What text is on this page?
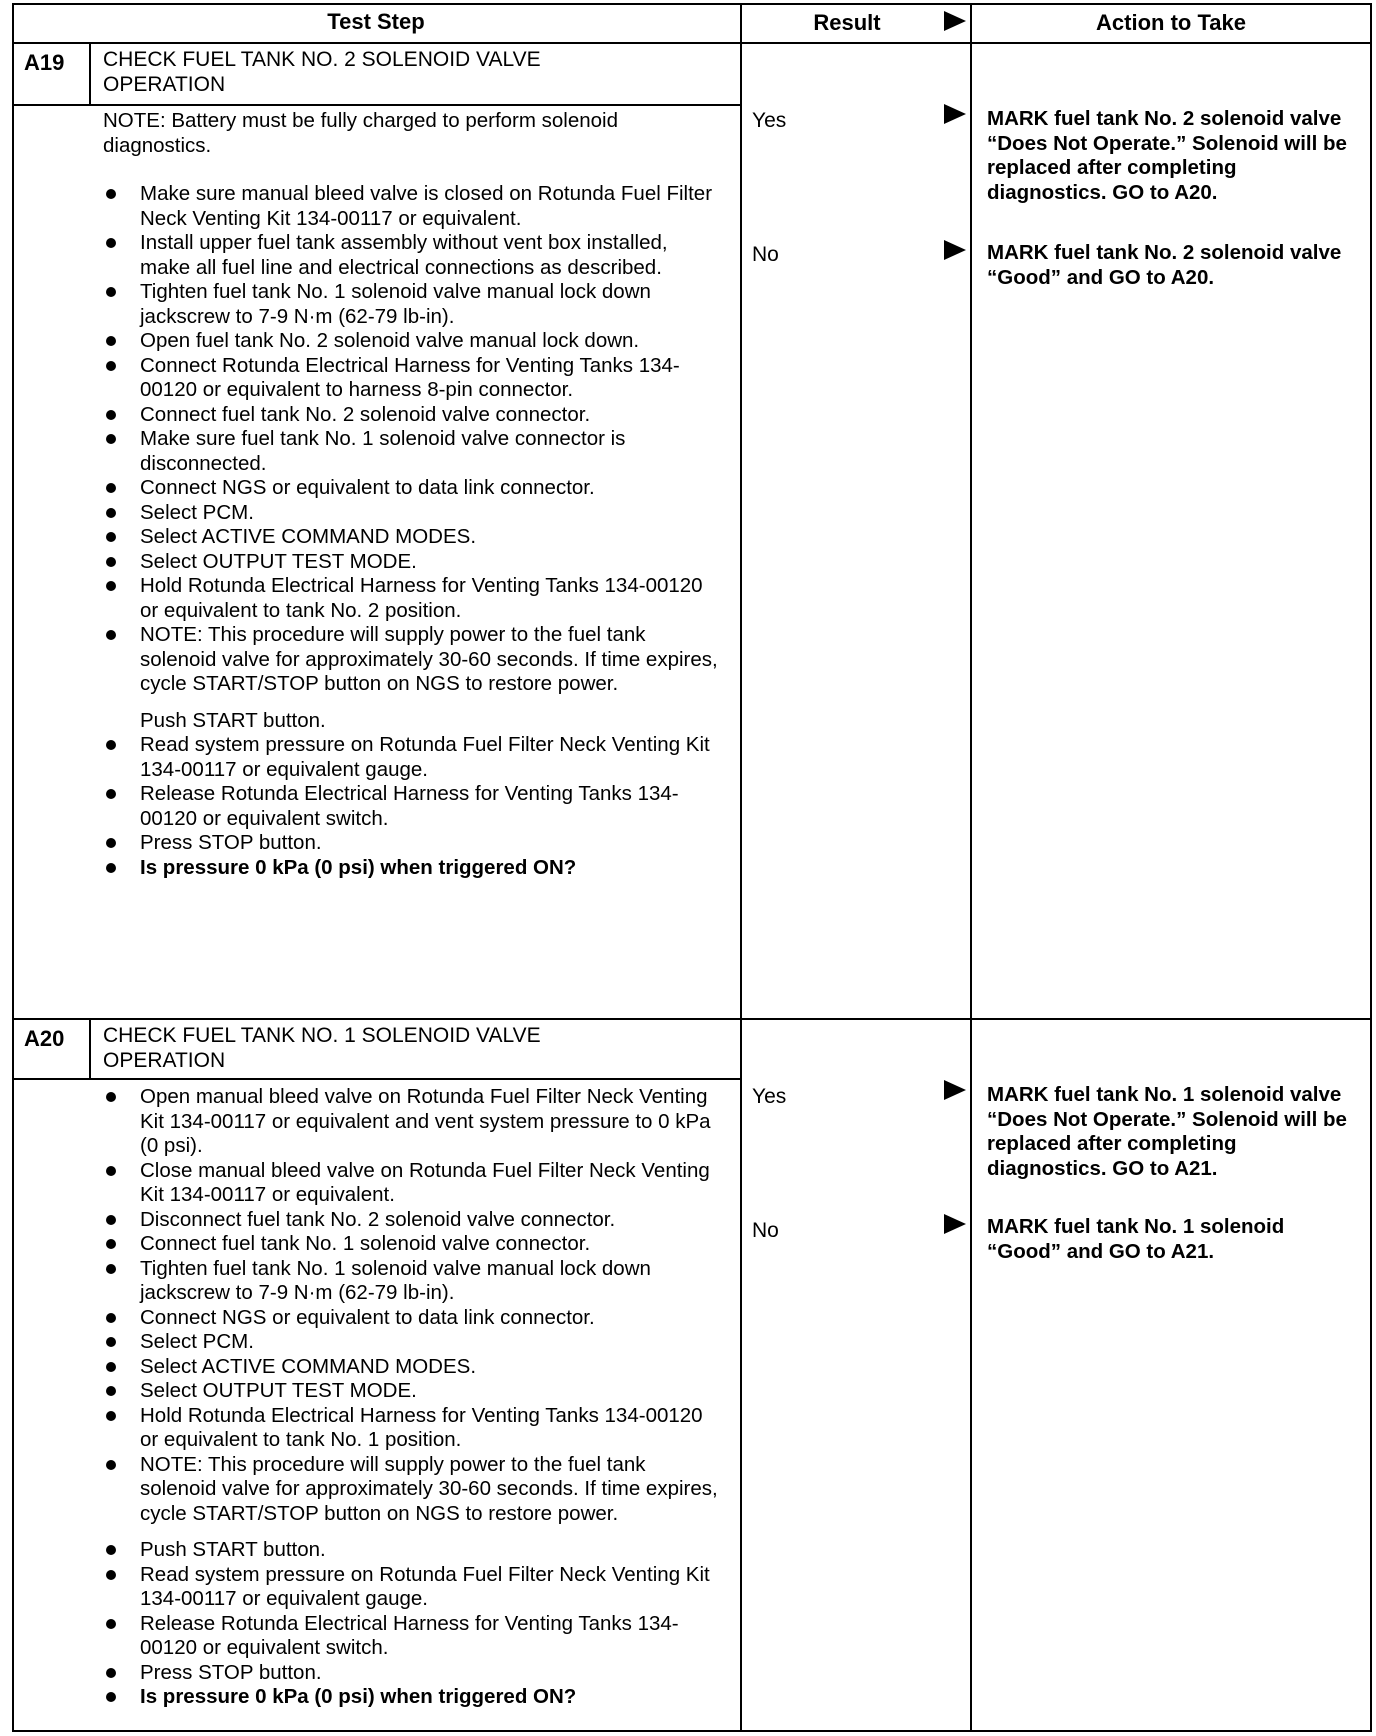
Test Step	Result	Action to Take
A19 CHECK FUEL TANK NO. 2 SOLENOID VALVE
OPERATION
NOTE: Battery must be fully charged to perform solenoid diagnostics.
Make sure manual bleed valve is closed on Rotunda Fuel Filter Neck Venting Kit 134-00117 or equivalent.
Install upper fuel tank assembly without vent box installed, make all fuel line and electrical connections as described.
Tighten fuel tank No. 1 solenoid valve manual lock down jackscrew to 7-9 N·m (62-79 lb-in).
Open fuel tank No. 2 solenoid valve manual lock down.
Connect Rotunda Electrical Harness for Venting Tanks 134-00120 or equivalent to harness 8-pin connector.
Connect fuel tank No. 2 solenoid valve connector.
Make sure fuel tank No. 1 solenoid valve connector is disconnected.
Connect NGS or equivalent to data link connector.
Select PCM.
Select ACTIVE COMMAND MODES.
Select OUTPUT TEST MODE.
Hold Rotunda Electrical Harness for Venting Tanks 134-00120 or equivalent to tank No. 2 position.
NOTE: This procedure will supply power to the fuel tank solenoid valve for approximately 30-60 seconds. If time expires, cycle START/STOP button on NGS to restore power.
Push START button.
Read system pressure on Rotunda Fuel Filter Neck Venting Kit 134-00117 or equivalent gauge.
Release Rotunda Electrical Harness for Venting Tanks 134-00120 or equivalent switch.
Press STOP button.
Is pressure 0 kPa (0 psi) when triggered ON?
Yes	MARK fuel tank No. 2 solenoid valve “Does Not Operate.” Solenoid will be replaced after completing diagnostics. GO to A20.
No	MARK fuel tank No. 2 solenoid valve “Good” and GO to A20.
A20 CHECK FUEL TANK NO. 1 SOLENOID VALVE
OPERATION
Open manual bleed valve on Rotunda Fuel Filter Neck Venting Kit 134-00117 or equivalent and vent system pressure to 0 kPa (0 psi).
Close manual bleed valve on Rotunda Fuel Filter Neck Venting Kit 134-00117 or equivalent.
Disconnect fuel tank No. 2 solenoid valve connector.
Connect fuel tank No. 1 solenoid valve connector.
Tighten fuel tank No. 1 solenoid valve manual lock down jackscrew to 7-9 N·m (62-79 lb-in).
Connect NGS or equivalent to data link connector.
Select PCM.
Select ACTIVE COMMAND MODES.
Select OUTPUT TEST MODE.
Hold Rotunda Electrical Harness for Venting Tanks 134-00120 or equivalent to tank No. 1 position.
NOTE: This procedure will supply power to the fuel tank solenoid valve for approximately 30-60 seconds. If time expires, cycle START/STOP button on NGS to restore power.
Push START button.
Read system pressure on Rotunda Fuel Filter Neck Venting Kit 134-00117 or equivalent gauge.
Release Rotunda Electrical Harness for Venting Tanks 134-00120 or equivalent switch.
Press STOP button.
Is pressure 0 kPa (0 psi) when triggered ON?
Yes	MARK fuel tank No. 1 solenoid valve “Does Not Operate.” Solenoid will be replaced after completing diagnostics. GO to A21.
No	MARK fuel tank No. 1 solenoid “Good” and GO to A21.
